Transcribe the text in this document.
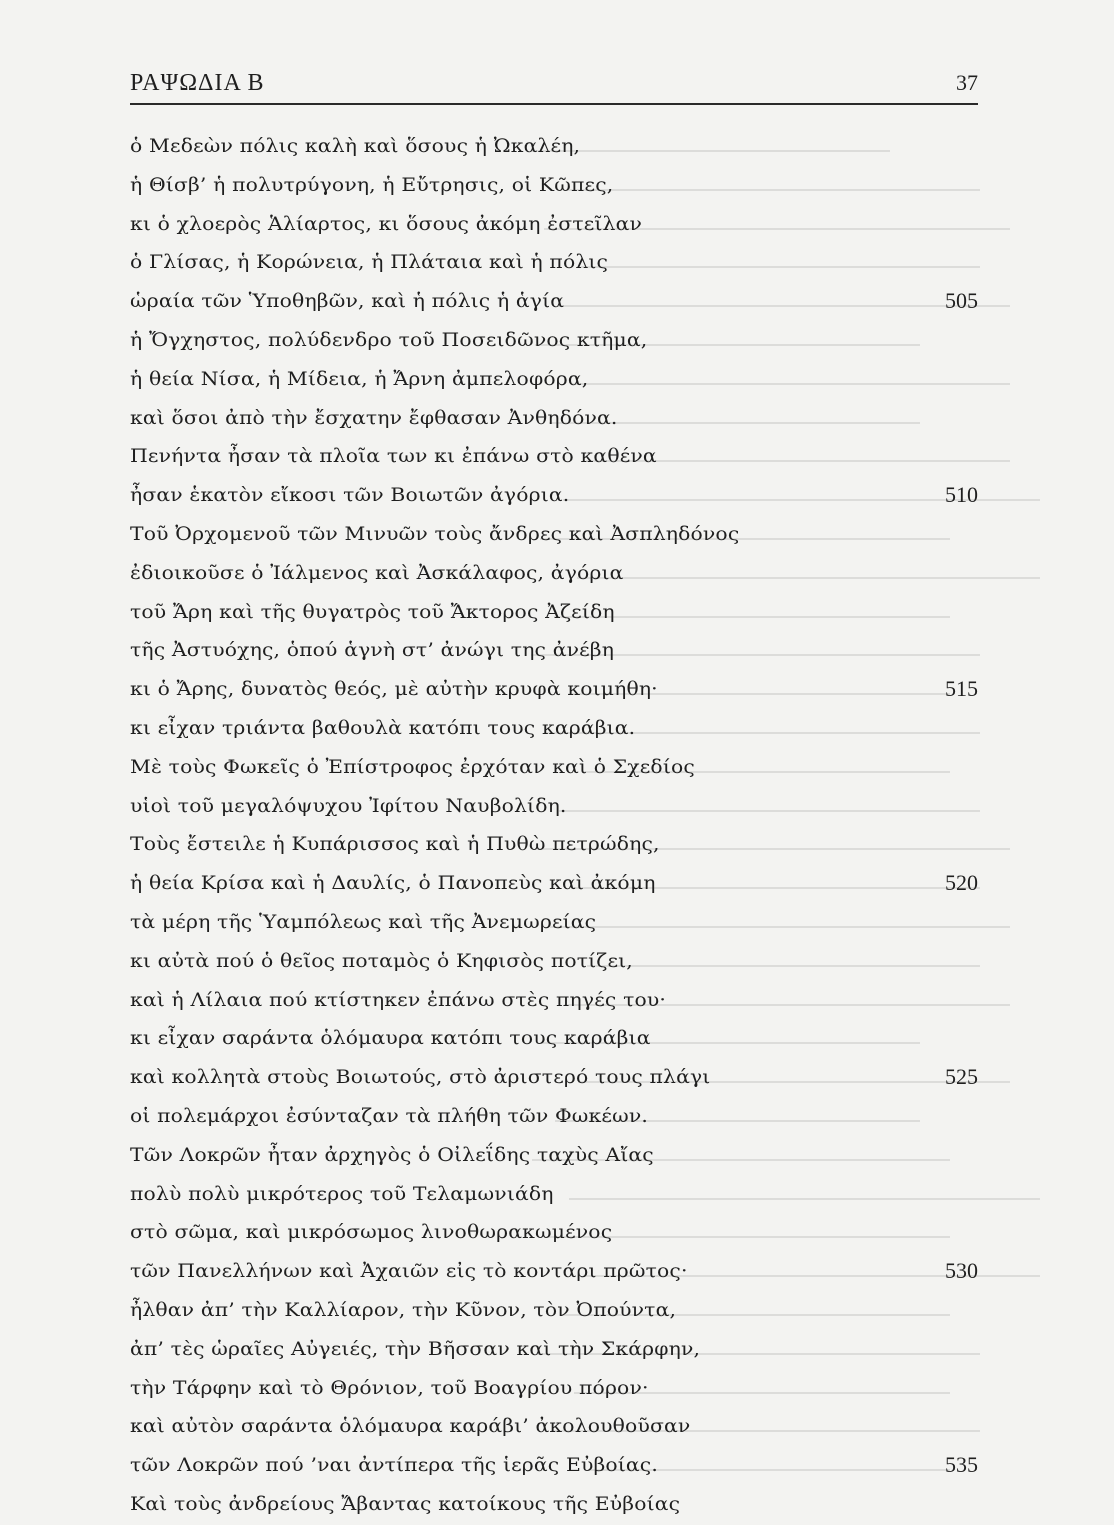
ΡΑΨΩΔΙΑ Β	37
ὁ Μεδεὼν πόλις καλὴ καὶ ὅσους ἡ Ὠκαλέη,
ἡ Θίσβ’ ἡ πολυτρύγονη, ἡ Εὔτρησις, οἱ Κῶπες,
κι ὁ χλοερὸς Ἁλίαρτος, κι ὅσους ἀκόμη ἐστεῖλαν
ὁ Γλίσας, ἡ Κορώνεια, ἡ Πλάταια καὶ ἡ πόλις
ὡραία τῶν Ὑποθηβῶν, καὶ ἡ πόλις ἡ ἁγία	505
ἡ Ὄγχηστος, πολύδενδρο τοῦ Ποσειδῶνος κτῆμα,
ἡ θεία Νίσα, ἡ Μίδεια, ἡ Ἄρνη ἀμπελοφόρα,
καὶ ὅσοι ἀπὸ τὴν ἔσχατην ἔφθασαν Ἀνθηδόνα.
Πενήντα ἦσαν τὰ πλοῖα των κι ἐπάνω στὸ καθένα
ἦσαν ἑκατὸν εἴκοσι τῶν Βοιωτῶν ἀγόρια.	510
Τοῦ Ὀρχομενοῦ τῶν Μινυῶν τοὺς ἄνδρες καὶ Ἀσπληδόνος
ἐδιοικοῦσε ὁ Ἰάλμενος καὶ Ἀσκάλαφος, ἀγόρια
τοῦ Ἄρη καὶ τῆς θυγατρὸς τοῦ Ἄκτορος Ἀζείδη
τῆς Ἀστυόχης, ὁπού ἁγνὴ στ’ ἀνώγι της ἀνέβη
κι ὁ Ἄρης, δυνατὸς θεός, μὲ αὐτὴν κρυφὰ κοιμήθη·	515
κι εἶχαν τριάντα βαθουλὰ κατόπι τους καράβια.
Μὲ τοὺς Φωκεῖς ὁ Ἐπίστροφος ἐρχόταν καὶ ὁ Σχεδίος
υἱοὶ τοῦ μεγαλόψυχου Ἰφίτου Ναυβολίδη.
Τοὺς ἔστειλε ἡ Κυπάρισσος καὶ ἡ Πυθὼ πετρώδης,
ἡ θεία Κρίσα καὶ ἡ Δαυλίς, ὁ Πανοπεὺς καὶ ἀκόμη	520
τὰ μέρη τῆς Ὑαμπόλεως καὶ τῆς Ἀνεμωρείας
κι αὐτὰ πού ὁ θεῖος ποταμὸς ὁ Κηφισὸς ποτίζει,
καὶ ἡ Λίλαια πού κτίστηκεν ἐπάνω στὲς πηγές του·
κι εἶχαν σαράντα ὁλόμαυρα κατόπι τους καράβια
καὶ κολλητὰ στοὺς Βοιωτούς, στὸ ἀριστερό τους πλάγι	525
οἱ πολεμάρχοι ἐσύνταζαν τὰ πλήθη τῶν Φωκέων.
Τῶν Λοκρῶν ἦταν ἀρχηγὸς ὁ Οἰλεΐδης ταχὺς Αἴας
πολὺ πολὺ μικρότερος τοῦ Τελαμωνιάδη
στὸ σῶμα, καὶ μικρόσωμος λινοθωρακωμένος
τῶν Πανελλήνων καὶ Ἀχαιῶν εἰς τὸ κοντάρι πρῶτος·	530
ἦλθαν ἀπ’ τὴν Καλλίαρον, τὴν Κῦνον, τὸν Ὀπούντα,
ἀπ’ τὲς ὡραῖες Αὐγειές, τὴν Βῆσσαν καὶ τὴν Σκάρφην,
τὴν Τάρφην καὶ τὸ Θρόνιον, τοῦ Βοαγρίου πόρον·
καὶ αὐτὸν σαράντα ὁλόμαυρα καράβι’ ἀκολουθοῦσαν
τῶν Λοκρῶν πού ’ναι ἀντίπερα τῆς ἱερᾶς Εὐβοίας.	535
Καὶ τοὺς ἀνδρείους Ἄβαντας κατοίκους τῆς Εὐβοίας
